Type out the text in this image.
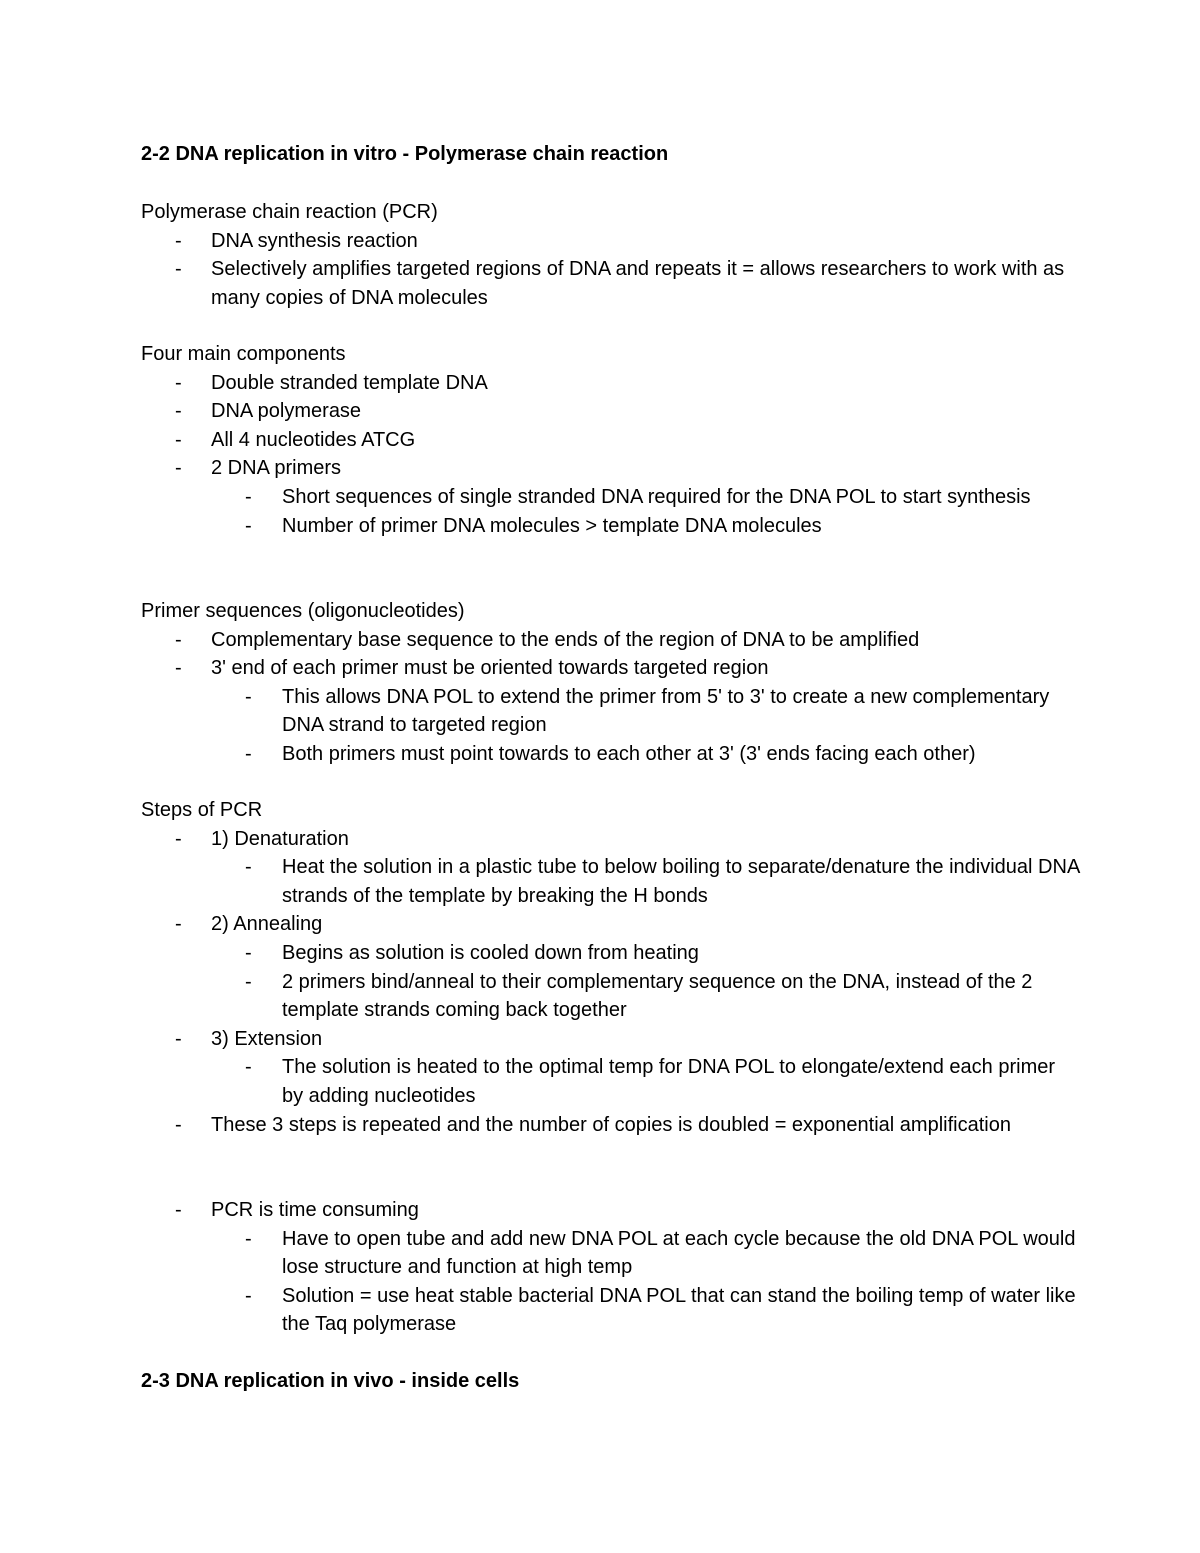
2-2 DNA replication in vitro - Polymerase chain reaction

Polymerase chain reaction (PCR)

-	DNA synthesis reaction
-	Selectively amplifies targeted regions of DNA and repeats it = allows researchers to work with as many copies of DNA molecules

Four main components

-	Double stranded template DNA
-	DNA polymerase
-	All 4 nucleotides ATCG
-	2 DNA primers
-	Short sequences of single stranded DNA required for the DNA POL to start synthesis
-	Number of primer DNA molecules > template DNA molecules

Primer sequences (oligonucleotides)

-	Complementary base sequence to the ends of the region of DNA to be amplified
-	3' end of each primer must be oriented towards targeted region
-	This allows DNA POL to extend the primer from 5' to 3' to create a new complementary DNA strand to targeted region
-	Both primers must point towards to each other at 3' (3' ends facing each other)

Steps of PCR

-	1) Denaturation
-	Heat the solution in a plastic tube to below boiling to separate/denature the individual DNA strands of the template by breaking the H bonds
-	2) Annealing
-	Begins as solution is cooled down from heating
-	2 primers bind/anneal to their complementary sequence on the DNA, instead of the 2 template strands coming back together
-	3) Extension
-	The solution is heated to the optimal temp for DNA POL to elongate/extend each primer by adding nucleotides
-	These 3 steps is repeated and the number of copies is doubled = exponential amplification
-	PCR is time consuming
-	Have to open tube and add new DNA POL at each cycle because the old DNA POL would lose structure and function at high temp
-	Solution = use heat stable bacterial DNA POL that can stand the boiling temp of water like the Taq polymerase
2-3 DNA replication in vivo - inside cells
